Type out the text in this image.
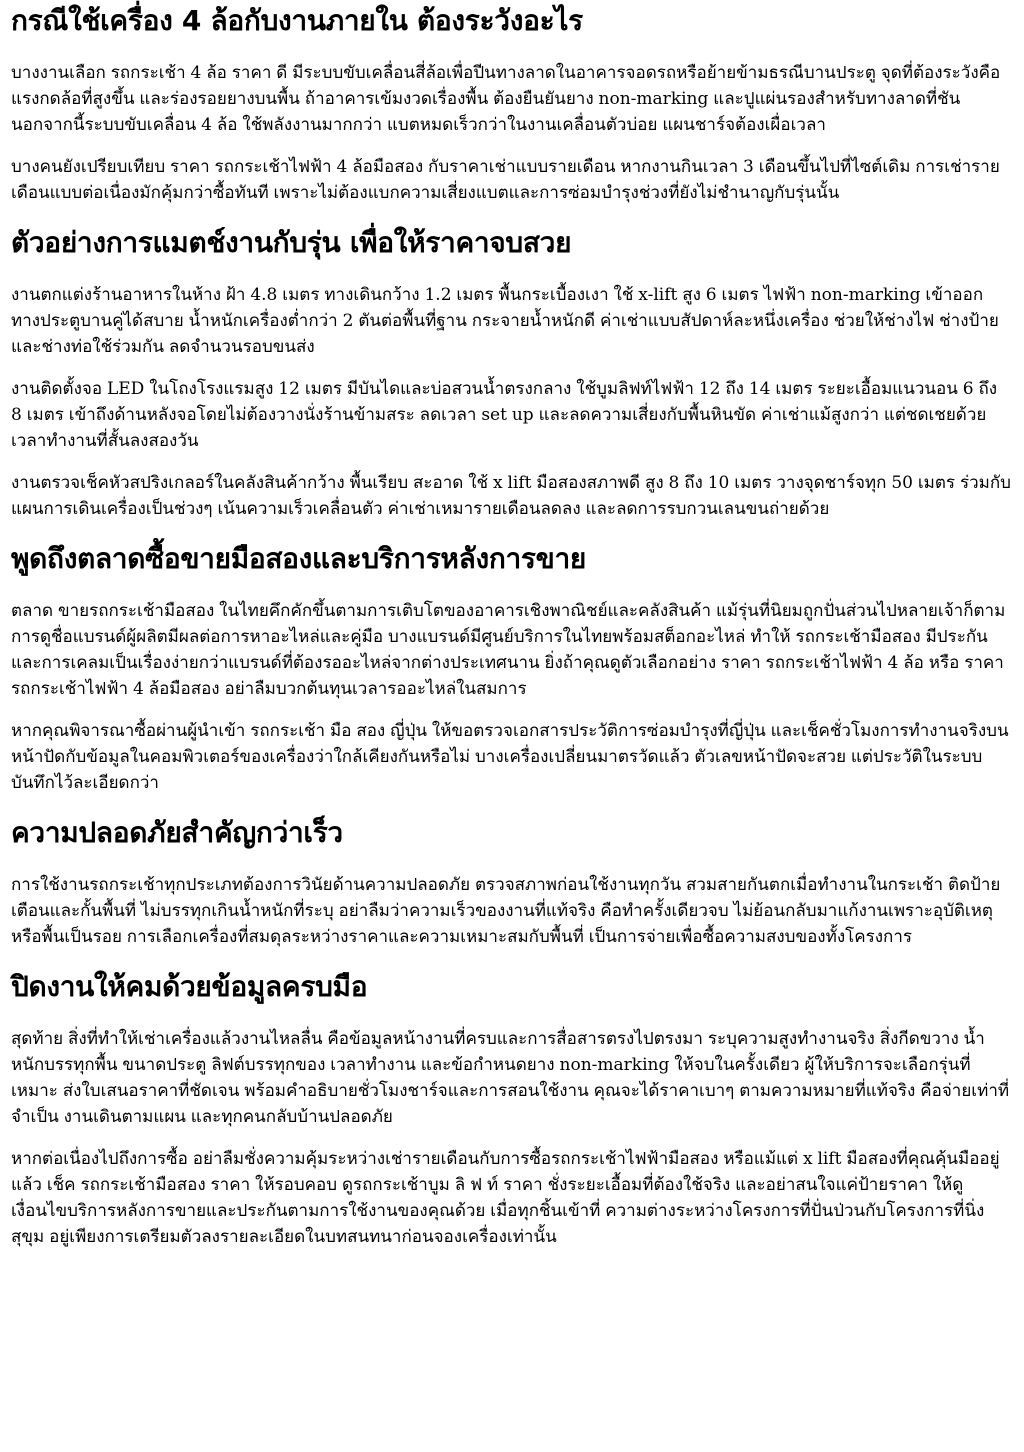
กรณีใช้เครื่อง 4 ล้อกับงานภายใน ต้องระวังอะไร

บางงานเลือก รถกระเช้า 4 ล้อ ราคา ดี มีระบบขับเคลื่อนสี่ล้อเพื่อปีนทางลาดในอาคารจอดรถหรือย้ายข้ามธรณีบานประตู จุดที่ต้องระวังคือแรงกดล้อที่สูงขึ้น และร่องรอยยางบนพื้น ถ้าอาคารเข้มงวดเรื่องพื้น ต้องยืนยันยาง non-marking และปูแผ่นรองสำหรับทางลาดที่ชัน นอกจากนี้ระบบขับเคลื่อน 4 ล้อ ใช้พลังงานมากกว่า แบตหมดเร็วกว่าในงานเคลื่อนตัวบ่อย แผนชาร์จต้องเผื่อเวลา

บางคนยังเปรียบเทียบ ราคา รถกระเช้าไฟฟ้า 4 ล้อมือสอง กับราคาเช่าแบบรายเดือน หากงานกินเวลา 3 เดือนขึ้นไปที่ไซต์เดิม การเช่ารายเดือนแบบต่อเนื่องมักคุ้มกว่าซื้อทันที เพราะไม่ต้องแบกความเสี่ยงแบตและการซ่อมบำรุงช่วงที่ยังไม่ชำนาญกับรุ่นนั้น

ตัวอย่างการแมตช์งานกับรุ่น เพื่อให้ราคาจบสวย

งานตกแต่งร้านอาหารในห้าง ฝ้า 4.8 เมตร ทางเดินกว้าง 1.2 เมตร พื้นกระเบื้องเงา ใช้ x-lift สูง 6 เมตร ไฟฟ้า non-marking เข้าออกทางประตูบานคู่ได้สบาย น้ำหนักเครื่องต่ำกว่า 2 ตันต่อพื้นที่ฐาน กระจายน้ำหนักดี ค่าเช่าแบบสัปดาห์ละหนึ่งเครื่อง ช่วยให้ช่างไฟ ช่างป้าย และช่างท่อใช้ร่วมกัน ลดจำนวนรอบขนส่ง

งานติดตั้งจอ LED ในโถงโรงแรมสูง 12 เมตร มีบันไดและบ่อสวนน้ำตรงกลาง ใช้บูมลิฟท์ไฟฟ้า 12 ถึง 14 เมตร ระยะเอื้อมแนวนอน 6 ถึง 8 เมตร เข้าถึงด้านหลังจอโดยไม่ต้องวางนั่งร้านข้ามสระ ลดเวลา set up และลดความเสี่ยงกับพื้นหินขัด ค่าเช่าแม้สูงกว่า แต่ชดเชยด้วยเวลาทำงานที่สั้นลงสองวัน

งานตรวจเช็คหัวสปริงเกลอร์ในคลังสินค้ากว้าง พื้นเรียบ สะอาด ใช้ x lift มือสองสภาพดี สูง 8 ถึง 10 เมตร วางจุดชาร์จทุก 50 เมตร ร่วมกับแผนการเดินเครื่องเป็นช่วงๆ เน้นความเร็วเคลื่อนตัว ค่าเช่าเหมารายเดือนลดลง และลดการรบกวนเลนขนถ่ายด้วย

พูดถึงตลาดซื้อขายมือสองและบริการหลังการขาย

ตลาด ขายรถกระเช้ามือสอง ในไทยคึกคักขึ้นตามการเติบโตของอาคารเชิงพาณิชย์และคลังสินค้า แม้รุ่นที่นิยมถูกปั่นส่วนไปหลายเจ้าก็ตาม การดูชื่อแบรนด์ผู้ผลิตมีผลต่อการหาอะไหล่และคู่มือ บางแบรนด์มีศูนย์บริการในไทยพร้อมสต็อกอะไหล่ ทำให้ รถกระเช้ามือสอง มีประกัน และการเคลมเป็นเรื่องง่ายกว่าแบรนด์ที่ต้องรออะไหล่จากต่างประเทศนาน ยิ่งถ้าคุณดูตัวเลือกอย่าง ราคา รถกระเช้าไฟฟ้า 4 ล้อ หรือ ราคา รถกระเช้าไฟฟ้า 4 ล้อมือสอง อย่าลืมบวกต้นทุนเวลารออะไหล่ในสมการ

หากคุณพิจารณาซื้อผ่านผู้นำเข้า รถกระเช้า มือ สอง ญี่ปุ่น ให้ขอตรวจเอกสารประวัติการซ่อมบำรุงที่ญี่ปุ่น และเช็คชั่วโมงการทำงานจริงบนหน้าปัดกับข้อมูลในคอมพิวเตอร์ของเครื่องว่าใกล้เคียงกันหรือไม่ บางเครื่องเปลี่ยนมาตรวัดแล้ว ตัวเลขหน้าปัดจะสวย แต่ประวัติในระบบบันทึกไว้ละเอียดกว่า

ความปลอดภัยสำคัญกว่าเร็ว

การใช้งานรถกระเช้าทุกประเภทต้องการวินัยด้านความปลอดภัย ตรวจสภาพก่อนใช้งานทุกวัน สวมสายกันตกเมื่อทำงานในกระเช้า ติดป้ายเตือนและกั้นพื้นที่ ไม่บรรทุกเกินน้ำหนักที่ระบุ อย่าลืมว่าความเร็วของงานที่แท้จริง คือทำครั้งเดียวจบ ไม่ย้อนกลับมาแก้งานเพราะอุบัติเหตุหรือพื้นเป็นรอย การเลือกเครื่องที่สมดุลระหว่างราคาและความเหมาะสมกับพื้นที่ เป็นการจ่ายเพื่อซื้อความสงบของทั้งโครงการ

ปิดงานให้คมด้วยข้อมูลครบมือ

สุดท้าย สิ่งที่ทำให้เช่าเครื่องแล้วงานไหลลื่น คือข้อมูลหน้างานที่ครบและการสื่อสารตรงไปตรงมา ระบุความสูงทำงานจริง สิ่งกีดขวาง น้ำหนักบรรทุกพื้น ขนาดประตู ลิฟต์บรรทุกของ เวลาทำงาน และข้อกำหนดยาง non-marking ให้จบในครั้งเดียว ผู้ให้บริการจะเลือกรุ่นที่เหมาะ ส่งใบเสนอราคาที่ชัดเจน พร้อมคำอธิบายชั่วโมงชาร์จและการสอนใช้งาน คุณจะได้ราคาเบาๆ ตามความหมายที่แท้จริง คือจ่ายเท่าที่จำเป็น งานเดินตามแผน และทุกคนกลับบ้านปลอดภัย

หากต่อเนื่องไปถึงการซื้อ อย่าลืมชั่งความคุ้มระหว่างเช่ารายเดือนกับการซื้อรถกระเช้าไฟฟ้ามือสอง หรือแม้แต่ x lift มือสองที่คุณคุ้นมืออยู่แล้ว เช็ค รถกระเช้ามือสอง ราคา ให้รอบคอบ ดูรถกระเช้าบูม ลิ ฟ ท์ ราคา ชั่งระยะเอื้อมที่ต้องใช้จริง และอย่าสนใจแค่ป้ายราคา ให้ดูเงื่อนไขบริการหลังการขายและประกันตามการใช้งานของคุณด้วย เมื่อทุกชิ้นเข้าที่ ความต่างระหว่างโครงการที่ปั่นป่วนกับโครงการที่นิ่งสุขุม อยู่เพียงการเตรียมตัวลงรายละเอียดในบทสนทนาก่อนจองเครื่องเท่านั้น
